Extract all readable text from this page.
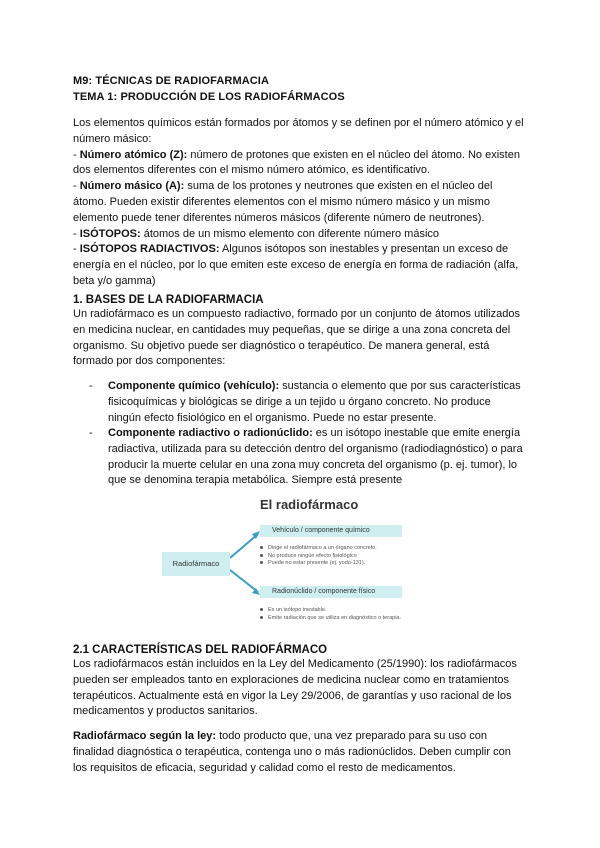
M9: TÉCNICAS DE RADIOFARMACIA
TEMA 1: PRODUCCIÓN DE LOS RADIOFÁRMACOS
Los elementos químicos están formados por átomos y se definen por el número atómico y el
número másico:
- Número atómico (Z): número de protones que existen en el núcleo del átomo. No existen
dos elementos diferentes con el mismo número atómico, es identificativo.
- Número másico (A): suma de los protones y neutrones que existen en el núcleo del
átomo. Pueden existir diferentes elementos con el mismo número másico y un mismo
elemento puede tener diferentes números másicos (diferente número de neutrones).
- ISÓTOPOS: átomos de un mismo elemento con diferente número másico
- ISÓTOPOS RADIACTIVOS: Algunos isótopos son inestables y presentan un exceso de
energía en el núcleo, por lo que emiten este exceso de energía en forma de radiación (alfa,
beta y/o gamma)
1. BASES DE LA RADIOFARMACIA
Un radiofármaco es un compuesto radiactivo, formado por un conjunto de átomos utilizados
en medicina nuclear, en cantidades muy pequeñas, que se dirige a una zona concreta del
organismo. Su objetivo puede ser diagnóstico o terapéutico. De manera general, está
formado por dos componentes:
- Componente químico (vehículo): sustancia o elemento que por sus características
fisicoquímicas y biológicas se dirige a un tejido u órgano concreto. No produce
ningún efecto fisiológico en el organismo. Puede no estar presente.
- Componente radiactivo o radionúclido: es un isótopo inestable que emite energía
radiactiva, utilizada para su detección dentro del organismo (radiodiagnóstico) o para
producir la muerte celular en una zona muy concreta del organismo (p. ej. tumor), lo
que se denomina terapia metabólica. Siempre está presente
El radiofármaco
Radiofármaco
Vehículo / componente químico
Dirige el radiofármaco a un órgano concreto.
No produce ningún efecto fisiológico
Puede no estar presente (ej. yodo-131).
Radionúclido / componente físico
Es un isótopo inestable.
Emite radiación que se utiliza en diagnóstico o terapia.
2.1 CARACTERÍSTICAS DEL RADIOFÁRMACO
Los radiofármacos están incluidos en la Ley del Medicamento (25/1990): los radiofármacos
pueden ser empleados tanto en exploraciones de medicina nuclear como en tratamientos
terapéuticos. Actualmente está en vigor la Ley 29/2006, de garantías y uso racional de los
medicamentos y productos sanitarios.
Radiofármaco según la ley: todo producto que, una vez preparado para su uso con
finalidad diagnóstica o terapéutica, contenga uno o más radionúclidos. Deben cumplir con
los requisitos de eficacia, seguridad y calidad como el resto de medicamentos.
